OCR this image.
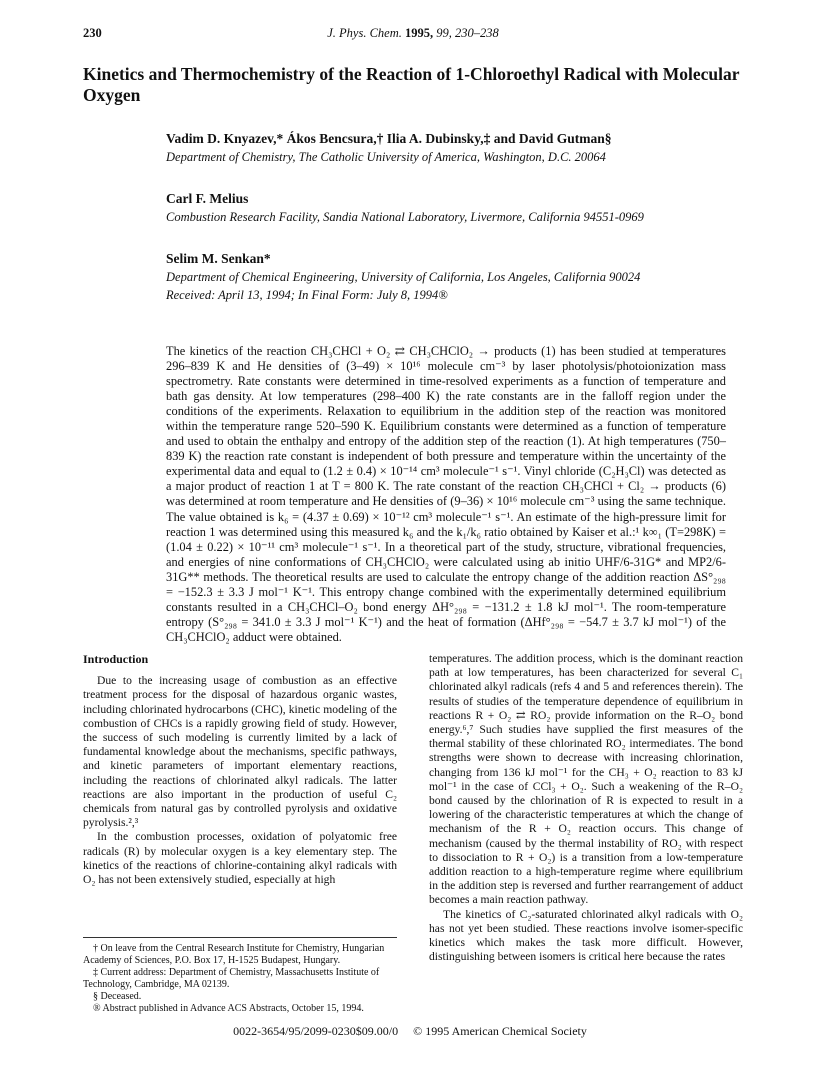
230	J. Phys. Chem. 1995, 99, 230–238
Kinetics and Thermochemistry of the Reaction of 1-Chloroethyl Radical with Molecular Oxygen
Vadim D. Knyazev,* Ákos Bencsura,† Ilia A. Dubinsky,‡ and David Gutman§
Department of Chemistry, The Catholic University of America, Washington, D.C. 20064
Carl F. Melius
Combustion Research Facility, Sandia National Laboratory, Livermore, California 94551-0969
Selim M. Senkan*
Department of Chemical Engineering, University of California, Los Angeles, California 90024
Received: April 13, 1994; In Final Form: July 8, 1994®

The kinetics of the reaction CH₃CHCl + O₂ ⇄ CH₃CHClO₂ → products (1) has been studied at temperatures 296–839 K and He densities of (3–49) × 10¹⁶ molecule cm⁻³ by laser photolysis/photoionization mass spectrometry. Rate constants were determined in time-resolved experiments as a function of temperature and bath gas density. At low temperatures (298–400 K) the rate constants are in the falloff region under the conditions of the experiments. Relaxation to equilibrium in the addition step of the reaction was monitored within the temperature range 520–590 K. Equilibrium constants were determined as a function of temperature and used to obtain the enthalpy and entropy of the addition step of the reaction (1). At high temperatures (750–839 K) the reaction rate constant is independent of both pressure and temperature within the uncertainty of the experimental data and equal to (1.2 ± 0.4) × 10⁻¹⁴ cm³ molecule⁻¹ s⁻¹. Vinyl chloride (C₂H₃Cl) was detected as a major product of reaction 1 at T = 800 K. The rate constant of the reaction CH₃CHCl + Cl₂ → products (6) was determined at room temperature and He densities of (9–36) × 10¹⁶ molecule cm⁻³ using the same technique. The value obtained is k₆ = (4.37 ± 0.69) × 10⁻¹² cm³ molecule⁻¹ s⁻¹. An estimate of the high-pressure limit for reaction 1 was determined using this measured k₆ and the k₁/k₆ ratio obtained by Kaiser et al.:¹ k∞₁ (T=298K) = (1.04 ± 0.22) × 10⁻¹¹ cm³ molecule⁻¹ s⁻¹. In a theoretical part of the study, structure, vibrational frequencies, and energies of nine conformations of CH₃CHClO₂ were calculated using ab initio UHF/6-31G* and MP2/6-31G** methods. The theoretical results are used to calculate the entropy change of the addition reaction ΔS°₂₉₈ = −152.3 ± 3.3 J mol⁻¹ K⁻¹. This entropy change combined with the experimentally determined equilibrium constants resulted in a CH₃CHCl–O₂ bond energy ΔH°₂₉₈ = −131.2 ± 1.8 kJ mol⁻¹. The room-temperature entropy (S°₂₉₈ = 341.0 ± 3.3 J mol⁻¹ K⁻¹) and the heat of formation (ΔHf°₂₉₈ = −54.7 ± 3.7 kJ mol⁻¹) of the CH₃CHClO₂ adduct were obtained.

Introduction

Due to the increasing usage of combustion as an effective treatment process for the disposal of hazardous organic wastes, including chlorinated hydrocarbons (CHC), kinetic modeling of the combustion of CHCs is a rapidly growing field of study. However, the success of such modeling is currently limited by a lack of fundamental knowledge about the mechanisms, specific pathways, and kinetic parameters of important elementary reactions, including the reactions of chlorinated alkyl radicals. The latter reactions are also important in the production of useful C₂ chemicals from natural gas by controlled pyrolysis and oxidative pyrolysis.²,³

In the combustion processes, oxidation of polyatomic free radicals (R) by molecular oxygen is a key elementary step. The kinetics of the reactions of chlorine-containing alkyl radicals with O₂ has not been extensively studied, especially at high

temperatures. The addition process, which is the dominant reaction path at low temperatures, has been characterized for several C₁ chlorinated alkyl radicals (refs 4 and 5 and references therein). The results of studies of the temperature dependence of equilibrium in reactions R + O₂ ⇄ RO₂ provide information on the R–O₂ bond energy.⁶,⁷ Such studies have supplied the first measures of the thermal stability of these chlorinated RO₂ intermediates. The bond strengths were shown to decrease with increasing chlorination, changing from 136 kJ mol⁻¹ for the CH₃ + O₂ reaction to 83 kJ mol⁻¹ in the case of CCl₃ + O₂. Such a weakening of the R–O₂ bond caused by the chlorination of R is expected to result in a lowering of the characteristic temperatures at which the change of mechanism of the R + O₂ reaction occurs. This change of mechanism (caused by the thermal instability of RO₂ with respect to dissociation to R + O₂) is a transition from a low-temperature addition reaction to a high-temperature regime where equilibrium in the addition step is reversed and further rearrangement of adduct becomes a main reaction pathway.

The kinetics of C₂-saturated chlorinated alkyl radicals with O₂ has not yet been studied. These reactions involve isomer-specific kinetics which makes the task more difficult. However, distinguishing between isomers is critical here because the rates

† On leave from the Central Research Institute for Chemistry, Hungarian Academy of Sciences, P.O. Box 17, H-1525 Budapest, Hungary.
‡ Current address: Department of Chemistry, Massachusetts Institute of Technology, Cambridge, MA 02139.
§ Deceased.
® Abstract published in Advance ACS Abstracts, October 15, 1994.
0022-3654/95/2099-0230$09.00/0 © 1995 American Chemical Society
